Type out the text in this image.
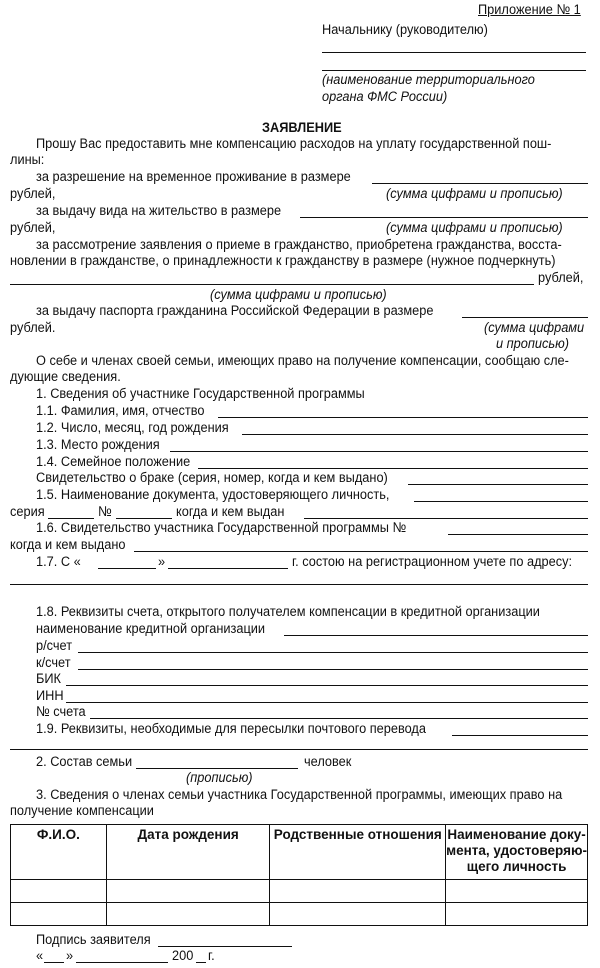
Приложение № 1
Начальнику (руководителю)
(наименование территориального
органа ФМС России)
ЗАЯВЛЕНИЕ
Прошу Вас предоставить мне компенсацию расходов на уплату государственной пош-
лины:
за разрешение на временное проживание в размере
рублей,	(сумма цифрами и прописью)
за выдачу вида на жительство в размере
рублей,	(сумма цифрами и прописью)
за рассмотрение заявления о приеме в гражданство, приобретена гражданства, восста-
новлении в гражданстве, о принадлежности к гражданству в размере (нужное подчеркнуть)
рублей,
(сумма цифрами и прописью)
за выдачу паспорта гражданина Российской Федерации в размере
рублей.	(сумма цифрами
и прописью)
О себе и членах своей семьи, имеющих право на получение компенсации, сообщаю сле-
дующие сведения.
1. Сведения об участнике Государственной программы
1.1. Фамилия, имя, отчество
1.2. Число, месяц, год рождения
1.3. Место рождения
1.4. Семейное положение
Свидетельство о браке (серия, номер, когда и кем выдано)
1.5. Наименование документа, удостоверяющего личность,
серия	№	когда и кем выдан
1.6. Свидетельство участника Государственной программы №
когда и кем выдано
1.7. С «	»	г. состою на регистрационном учете по адресу:
1.8. Реквизиты счета, открытого получателем компенсации в кредитной организации
наименование кредитной организации
р/счет
к/счет
БИК
ИНН
№ счета
1.9. Реквизиты, необходимые для пересылки почтового перевода
2. Состав семьи	человек
(прописью)
3. Сведения о членах семьи участника Государственной программы, имеющих право на
получение компенсации
Ф.И.О.	Дата рождения	Родственные отношения	Наименование доку-
мента, удостоверяю-
щего личность

Подпись заявителя
« »	200 г.
